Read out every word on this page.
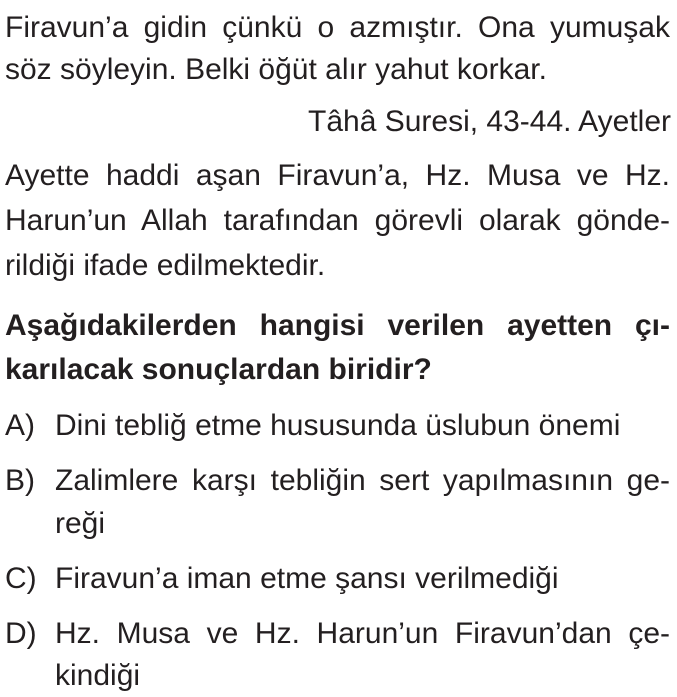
Firavun’a gidin çünkü o azmıştır. Ona yumuşak
söz söyleyin. Belki öğüt alır yahut korkar.
Tâhâ Suresi, 43-44. Ayetler
Ayette haddi aşan Firavun’a, Hz. Musa ve Hz.
Harun’un Allah tarafından görevli olarak gönde-
rildiği ifade edilmektedir.
Aşağıdakilerden hangisi verilen ayetten çı-
karılacak sonuçlardan biridir?
A) Dini tebliğ etme hususunda üslubun önemi
B) Zalimlere karşı tebliğin sert yapılmasının ge-
reği
C) Firavun’a iman etme şansı verilmediği
D) Hz. Musa ve Hz. Harun’un Firavun’dan çe-
kindiği
